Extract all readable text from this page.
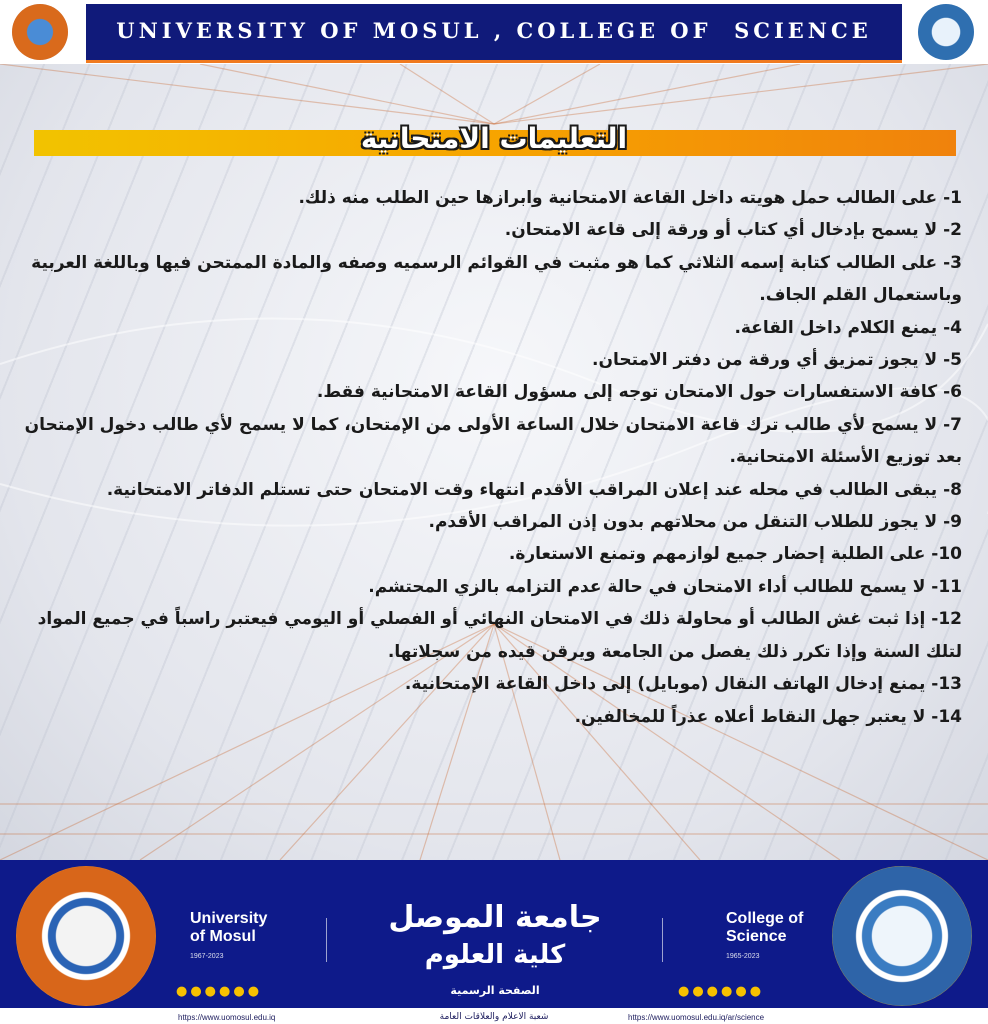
UNIVERSITY OF MOSUL , COLLEGE OF  SCIENCE
التعليمات الامتحانية

1- على الطالب حمل هويته داخل القاعة الامتحانية وابرازها حين الطلب منه ذلك.

2- لا يسمح بإدخال أي كتاب أو ورقة إلى قاعة الامتحان.

3- على الطالب كتابة إسمه الثلاثي كما هو مثبت في القوائم الرسميه وصفه والمادة الممتحن فيها وباللغة العربية وباستعمال القلم الجاف.

4- يمنع الكلام داخل القاعة.

5- لا يجوز تمزيق أي ورقة من دفتر الامتحان.

6- كافة الاستفسارات حول الامتحان توجه إلى مسؤول القاعة الامتحانية فقط.

7- لا يسمح لأي طالب ترك قاعة الامتحان خلال الساعة الأولى من الإمتحان، كما لا يسمح لأي طالب دخول الإمتحان بعد توزيع الأسئلة الامتحانية.

8- يبقى الطالب في محله عند إعلان المراقب الأقدم انتهاء وقت الامتحان حتى تستلم الدفاتر الامتحانية.

9- لا يجوز للطلاب التنقل من محلاتهم بدون إذن المراقب الأقدم.

10- على الطلبة إحضار جميع لوازمهم وتمنع الاستعارة.

11- لا يسمح للطالب أداء الامتحان في حالة عدم التزامه بالزي المحتشم.

12- إذا ثبت غش الطالب أو محاولة ذلك في الامتحان النهائي أو الفصلي أو اليومي فيعتبر راسباً في جميع المواد لتلك السنة وإذا تكرر ذلك يفصل من الجامعة ويرقن قيده من سجلاتها.

13- يمنع إدخال الهاتف النقال (موبايل) إلى داخل القاعة الإمتحانية.

14- لا يعتبر جهل النقاط أعلاه عذراً للمخالفين.

University
of Mosul
1967-2023
جامعة الموصل
كلية العلوم
الصفحة الرسمية
College of
Science
1965-2023
●●●●●●	●●●●●●
https://www.uomosul.edu.iq	شعبة الاعلام والعلاقات العامة	https://www.uomosul.edu.iq/ar/science
